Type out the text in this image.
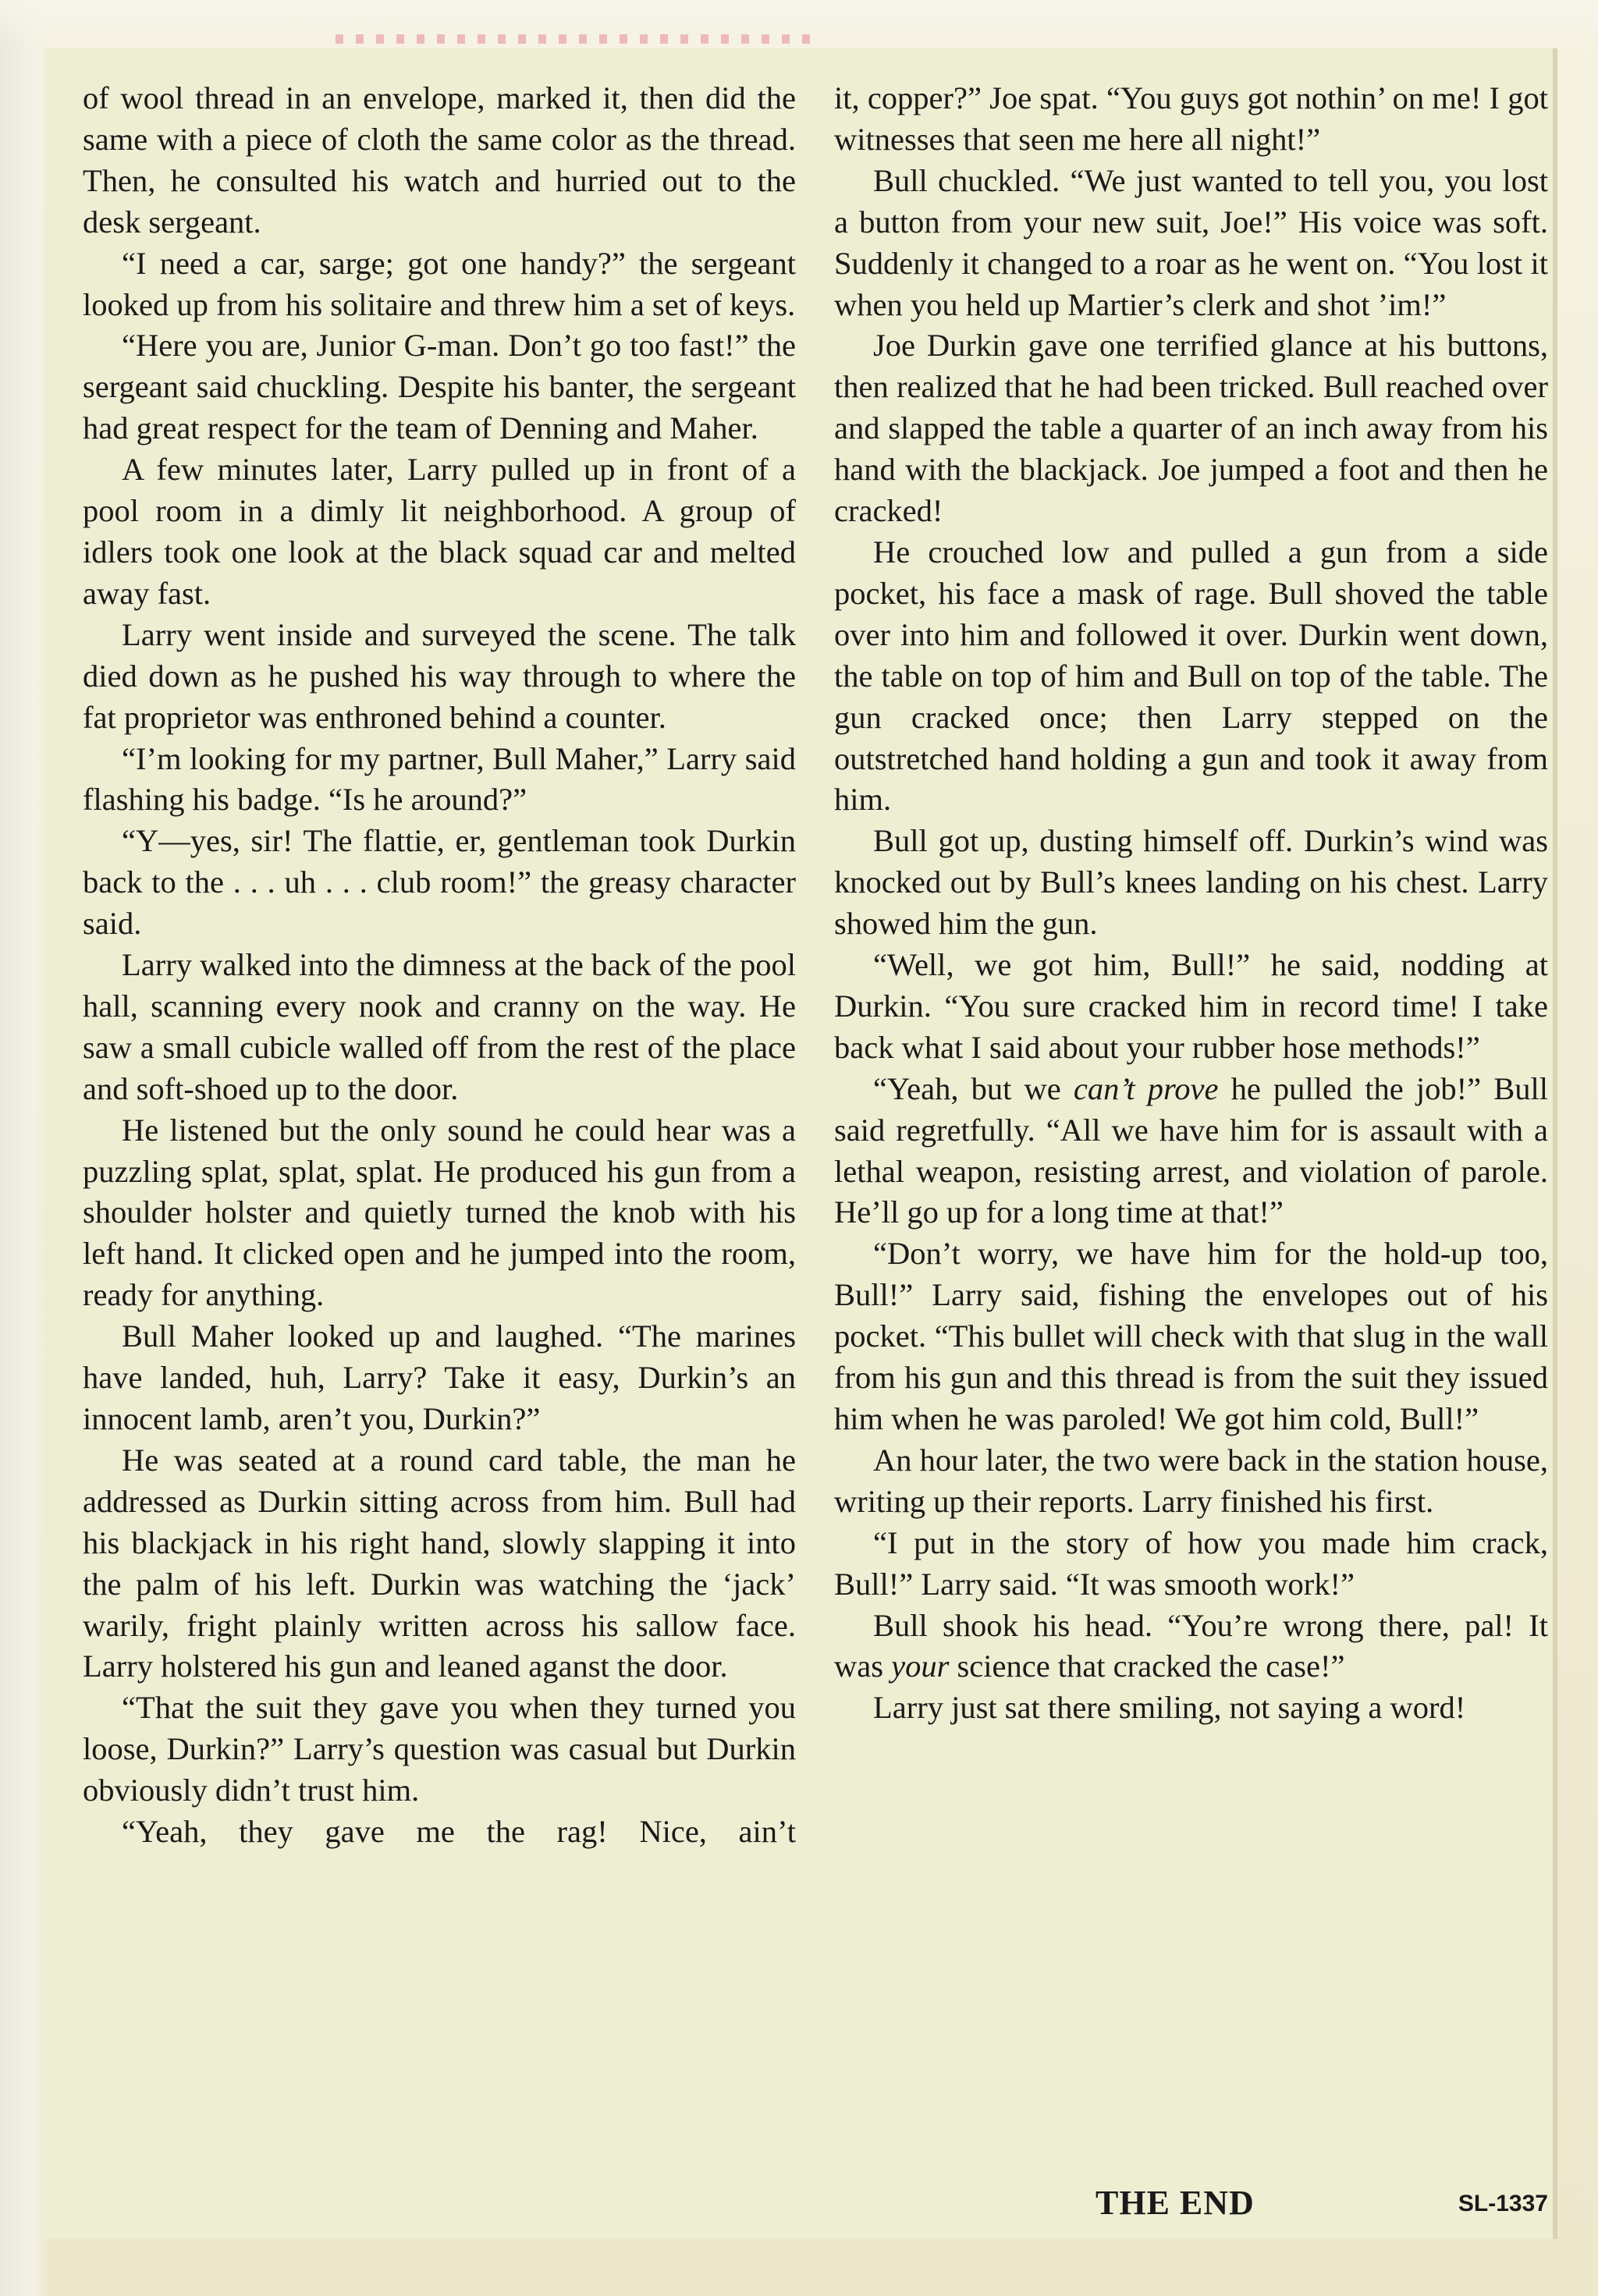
of wool thread in an envelope, marked it, then did the same with a piece of cloth the same color as the thread. Then, he consulted his watch and hurried out to the desk sergeant.

“I need a car, sarge; got one handy?” the sergeant looked up from his solitaire and threw him a set of keys.

“Here you are, Junior G-man. Don’t go too fast!” the sergeant said chuckling. Despite his banter, the sergeant had great respect for the team of Denning and Maher.

A few minutes later, Larry pulled up in front of a pool room in a dimly lit neighborhood. A group of idlers took one look at the black squad car and melted away fast.

Larry went inside and surveyed the scene. The talk died down as he pushed his way through to where the fat proprietor was enthroned behind a counter.

“I’m looking for my partner, Bull Maher,” Larry said flashing his badge. “Is he around?”

“Y—yes, sir! The flattie, er, gentleman took Durkin back to the . . . uh . . . club room!” the greasy character said.

Larry walked into the dimness at the back of the pool hall, scanning every nook and cranny on the way. He saw a small cubicle walled off from the rest of the place and soft-shoed up to the door.

He listened but the only sound he could hear was a puzzling splat, splat, splat. He produced his gun from a shoulder holster and quietly turned the knob with his left hand. It clicked open and he jumped into the room, ready for anything.

Bull Maher looked up and laughed. “The marines have landed, huh, Larry? Take it easy, Durkin’s an innocent lamb, aren’t you, Durkin?”

He was seated at a round card table, the man he addressed as Durkin sitting across from him. Bull had his blackjack in his right hand, slowly slapping it into the palm of his left. Durkin was watching the ‘jack’ warily, fright plainly written across his sallow face. Larry holstered his gun and leaned aganst the door.

“That the suit they gave you when they turned you loose, Durkin?” Larry’s question was casual but Durkin obviously didn’t trust him.

“Yeah, they gave me the rag! Nice, ain’t

it, copper?” Joe spat. “You guys got nothin’ on me! I got witnesses that seen me here all night!”

Bull chuckled. “We just wanted to tell you, you lost a button from your new suit, Joe!” His voice was soft. Suddenly it changed to a roar as he went on. “You lost it when you held up Martier’s clerk and shot ’im!”

Joe Durkin gave one terrified glance at his buttons, then realized that he had been tricked. Bull reached over and slapped the table a quarter of an inch away from his hand with the blackjack. Joe jumped a foot and then he cracked!

He crouched low and pulled a gun from a side pocket, his face a mask of rage. Bull shoved the table over into him and followed it over. Durkin went down, the table on top of him and Bull on top of the table. The gun cracked once; then Larry stepped on the outstretched hand holding a gun and took it away from him.

Bull got up, dusting himself off. Durkin’s wind was knocked out by Bull’s knees landing on his chest. Larry showed him the gun.

“Well, we got him, Bull!” he said, nodding at Durkin. “You sure cracked him in record time! I take back what I said about your rubber hose methods!”

“Yeah, but we can’t prove he pulled the job!” Bull said regretfully. “All we have him for is assault with a lethal weapon, resisting arrest, and violation of parole. He’ll go up for a long time at that!”

“Don’t worry, we have him for the hold-up too, Bull!” Larry said, fishing the envelopes out of his pocket. “This bullet will check with that slug in the wall from his gun and this thread is from the suit they issued him when he was paroled! We got him cold, Bull!”

An hour later, the two were back in the station house, writing up their reports. Larry finished his first.

“I put in the story of how you made him crack, Bull!” Larry said. “It was smooth work!”

Bull shook his head. “You’re wrong there, pal! It was your science that cracked the case!”

Larry just sat there smiling, not saying a word!

THE END	SL-1337
